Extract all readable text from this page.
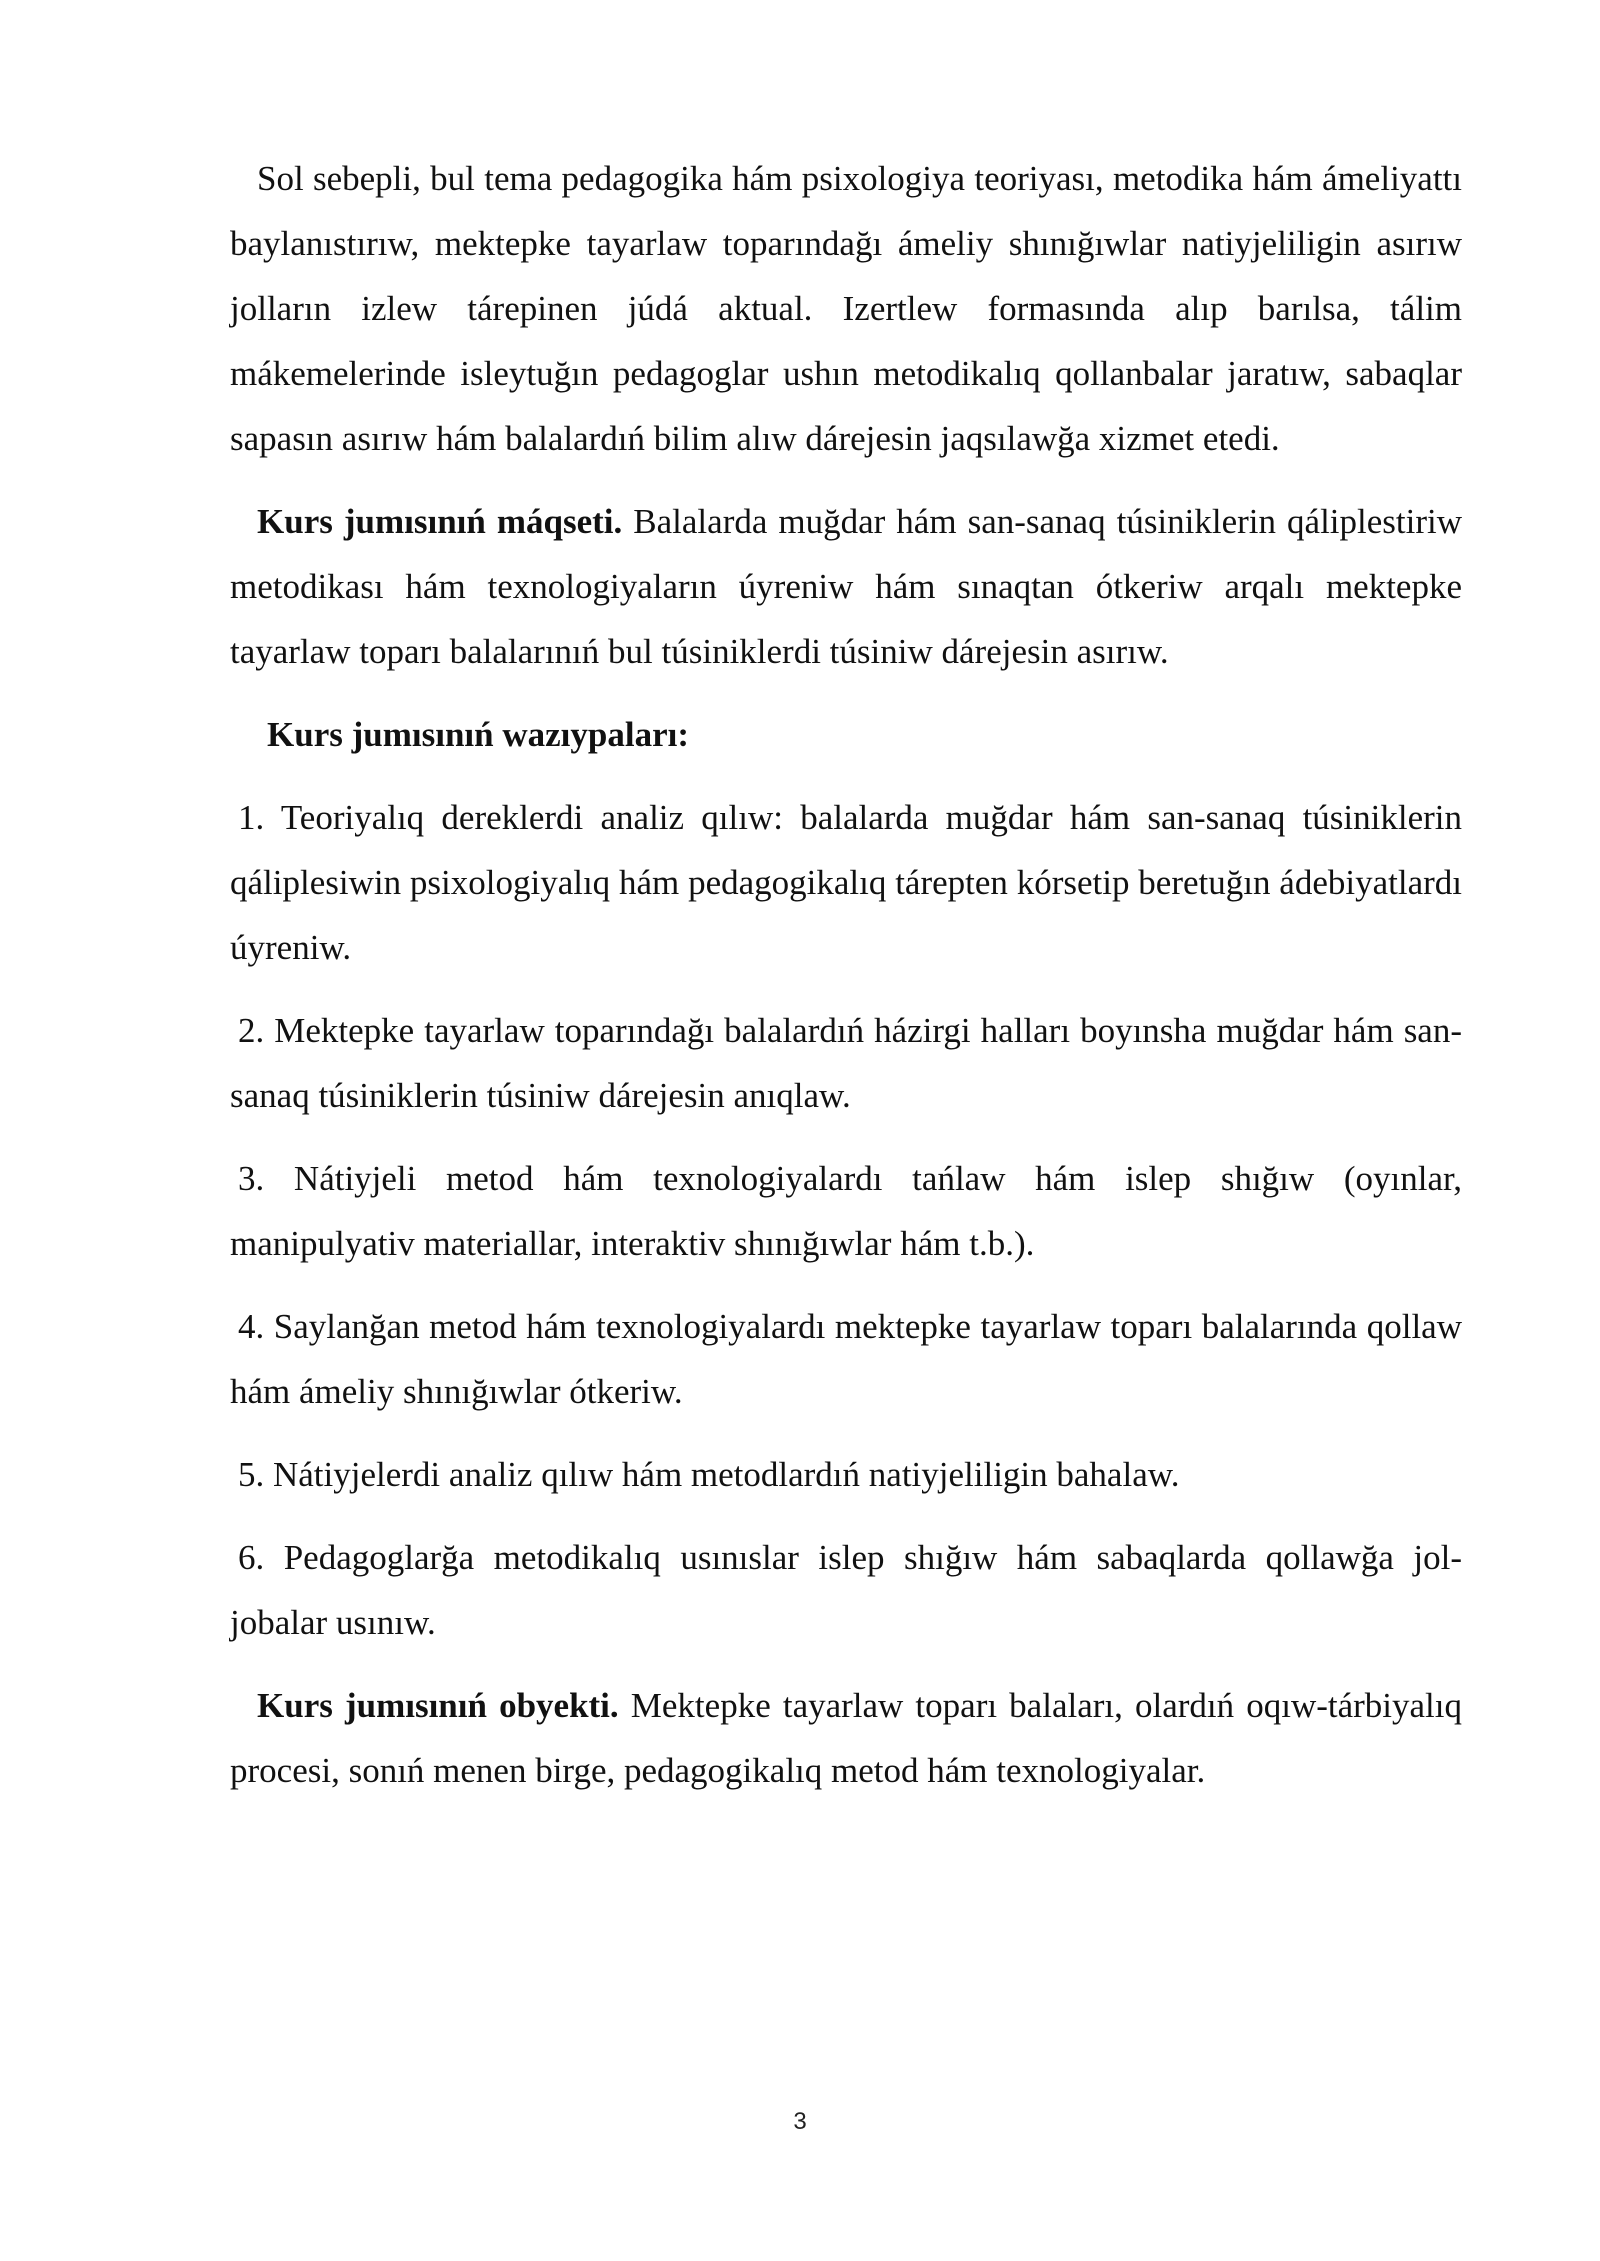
Sol sebepli, bul tema pedagogika hám psixologiya teoriyası, metodika hám ámeliyattı baylanıstırıw, mektepke tayarlaw toparındağı ámeliy shınığıwlar natiyjeliligin asırıw jolların izlew tárepinen júdá aktual. Izertlew formasında alıp barılsa, tálim mákemelerinde isleytuğın pedagoglar ushın metodikalıq qollanbalar jaratıw, sabaqlar sapasın asırıw hám balalardıń bilim alıw dárejesin jaqsılawğa xizmet etedi.

Kurs jumısınıń máqseti. Balalarda muğdar hám san-sanaq túsiniklerin qáliplestiriw metodikası hám texnologiyaların úyreniw hám sınaqtan ótkeriw arqalı mektepke tayarlaw toparı balalarınıń bul túsiniklerdi túsiniw dárejesin asırıw.

Kurs jumısınıń wazıypaları:

1. Teoriyalıq dereklerdi analiz qılıw: balalarda muğdar hám san-sanaq túsiniklerin qáliplesiwin psixologiyalıq hám pedagogikalıq tárepten kórsetip beretuğın ádebiyatlardı úyreniw.

2. Mektepke tayarlaw toparındağı balalardıń házirgi halları boyınsha muğdar hám san-sanaq túsiniklerin túsiniw dárejesin anıqlaw.

3. Nátiyjeli metod hám texnologiyalardı tańlaw hám islep shığıw (oyınlar, manipulyativ materiallar, interaktiv shınığıwlar hám t.b.).

4. Saylanğan metod hám texnologiyalardı mektepke tayarlaw toparı balalarında qollaw hám ámeliy shınığıwlar ótkeriw.

5. Nátiyjelerdi analiz qılıw hám metodlardıń natiyjeliligin bahalaw.

6. Pedagoglarğa metodikalıq usınıslar islep shığıw hám sabaqlarda qollawğa jol-jobalar usınıw.

Kurs jumısınıń obyekti. Mektepke tayarlaw toparı balaları, olardıń oqıw-tárbiyalıq procesi, sonıń menen birge, pedagogikalıq metod hám texnologiyalar.

3
